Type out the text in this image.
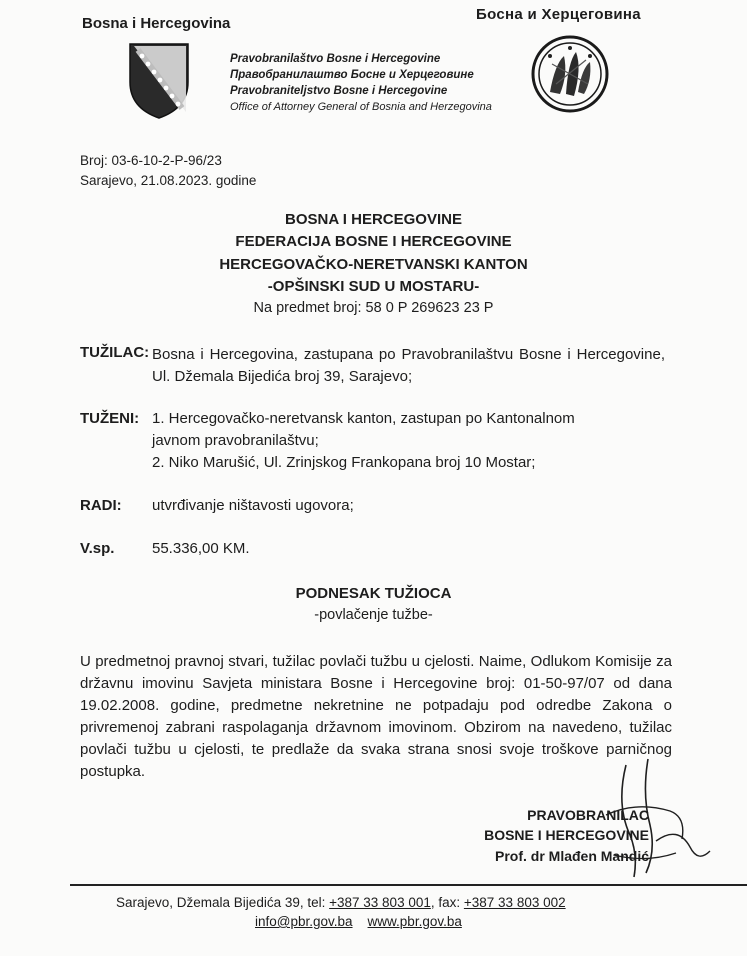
Bosna i Hercegovina
Босна и Херцеговина
Pravobranilaštvo Bosne i Hercegovine
Правобранилаштво Босне и Херцеговине
Pravobraniteljstvo Bosne i Hercegovine
Office of Attorney General of Bosnia and Herzegovina
Broj: 03-6-10-2-P-96/23
Sarajevo, 21.08.2023. godine
BOSNA I HERCEGOVINE
FEDERACIJA BOSNE I HERCEGOVINE
HERCEGOVAČKO-NERETVANSKI KANTON
-OPŠINSKI SUD U MOSTARU-
Na predmet broj: 58 0 P 269623 23 P
TUŽILAC: Bosna i Hercegovina, zastupana po Pravobranilaštvu Bosne i Hercegovine, Ul. Džemala Bijedića broj 39, Sarajevo;
TUŽENI: 1. Hercegovačko-neretvansk kanton, zastupan po Kantonalnom
javnom pravobranilaštvu;
2. Niko Marušić, Ul. Zrinjskog Frankopana broj 10 Mostar;
RADI: utvrđivanje ništavosti ugovora;
V.sp.	55.336,00 KM.
PODNESAK TUŽIOCA
-povlačenje tužbe-
U predmetnoj pravnoj stvari, tužilac povlači tužbu u cjelosti. Naime, Odlukom Komisije za državnu imovinu Savjeta ministara Bosne i Hercegovine broj: 01-50-97/07 od dana 19.02.2008. godine, predmetne nekretnine ne potpadaju pod odredbe Zakona o privremenoj zabrani raspolaganja državnom imovinom. Obzirom na navedeno, tužilac povlači tužbu u cjelosti, te predlaže da svaka strana snosi svoje troškove parničnog postupka.
PRAVOBRANILAC
BOSNE I HERCEGOVINE
Prof. dr Mlađen Mandić
Sarajevo, Džemala Bijedića 39, tel: +387 33 803 001, fax: +387 33 803 002
info@pbr.gov.ba www.pbr.gov.ba
